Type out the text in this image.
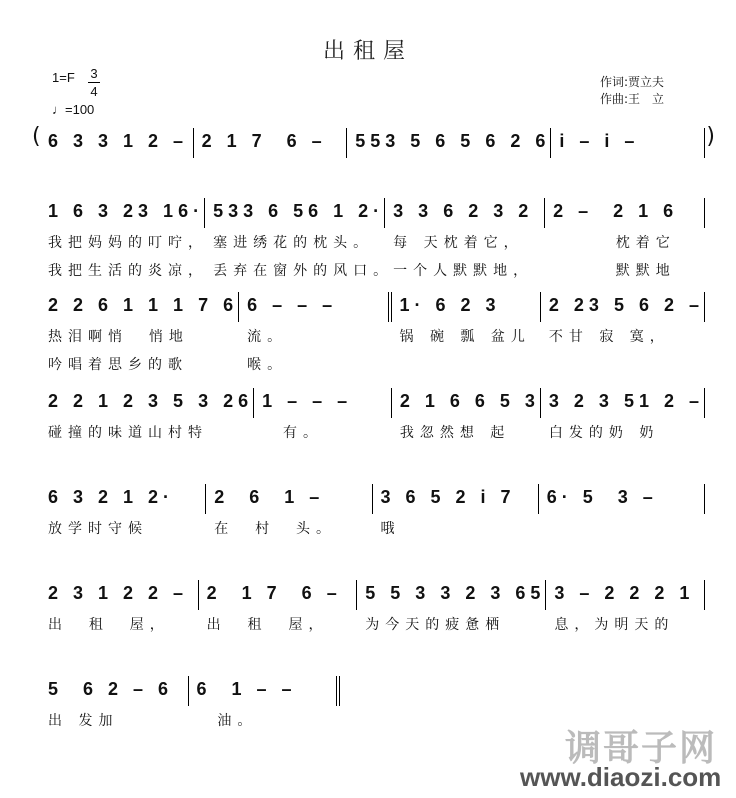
出租屋
1=F 3
4
♩=100
作词:贾立夫
作曲:王　立
( 6 3 3 1 2 – 2 1 7  6 –	553 5 6 5 6 2 6 i – i –	)
1 6 3 23 16·
我把妈妈的叮咛，
我把生活的炎凉，
533 6 56 1 2·
塞进绣花的枕头。
丢弃在窗外的风口。
3 3 6 2 3 2
每 天枕着它，
一个人默默地，
2 –  2 1 6
枕着它
默默地
2 2 6 1 1 1 7 6
热泪啊悄  悄地
吟唱着思乡的歌
6 – – –
流。
喉。
1· 6 2 3
锅 碗 瓢 盆儿
2 23 5 6 2 –
不甘 寂 寞，
2 2 1 2 3 5 3 26
碰撞的味道山村特
1 – – –
有。
2 1 6 6 5 3
我忽然想 起
3 2 3 51 2 –
白发的奶 奶
6 3 2 1 2·
放学时守候
2  6  1 –
在  村  头。
3 6 5 2 i 7
哦
6· 5  3 –
2 3 1 2 2 –
出  租  屋，
2  1 7  6 –
出  租  屋，
5 5 3 3 2 3 65
为今天的疲惫栖
3 – 2 2 2 1
息，为明天的
5  6 2 – 6
出 发加
6  1 – –
油。
调哥子网
www.diaozi.com
